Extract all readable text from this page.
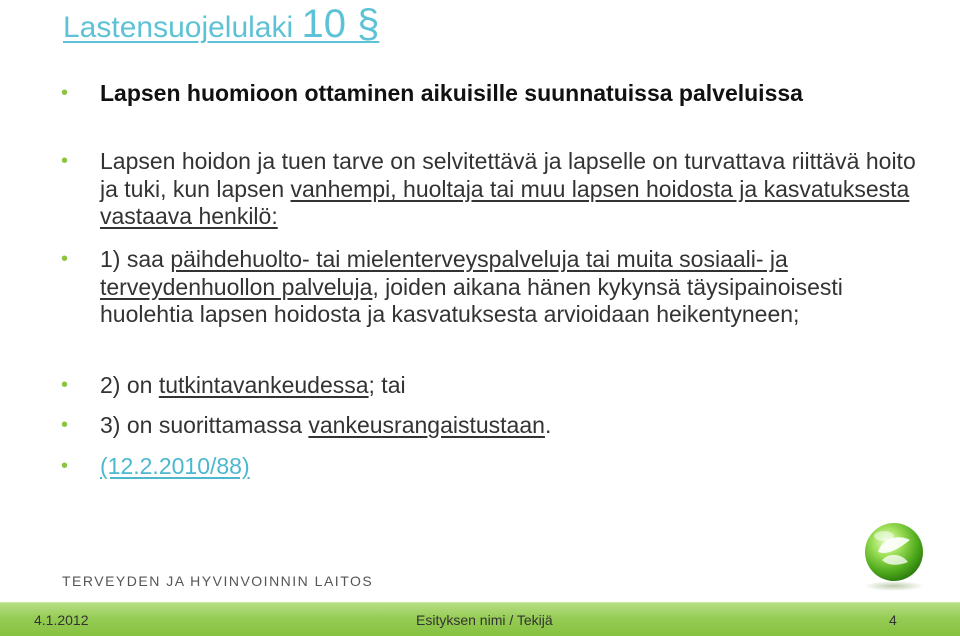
Lastensuojelulaki 10 §
• Lapsen huomioon ottaminen aikuisille suunnatuissa palveluissa
• Lapsen hoidon ja tuen tarve on selvitettävä ja lapselle on turvattava riittävä hoito ja tuki, kun lapsen vanhempi, huoltaja tai muu lapsen hoidosta ja kasvatuksesta vastaava henkilö:
• 1) saa päihdehuolto- tai mielenterveyspalveluja tai muita sosiaali- ja terveydenhuollon palveluja, joiden aikana hänen kykynsä täysipainoisesti huolehtia lapsen hoidosta ja kasvatuksesta arvioidaan heikentyneen;
• 2) on tutkintavankeudessa; tai
• 3) on suorittamassa vankeusrangaistustaan.
• (12.2.2010/88)
TERVEYDEN JA HYVINVOINNIN LAITOS
4.1.2012	Esityksen nimi / Tekijä	4
